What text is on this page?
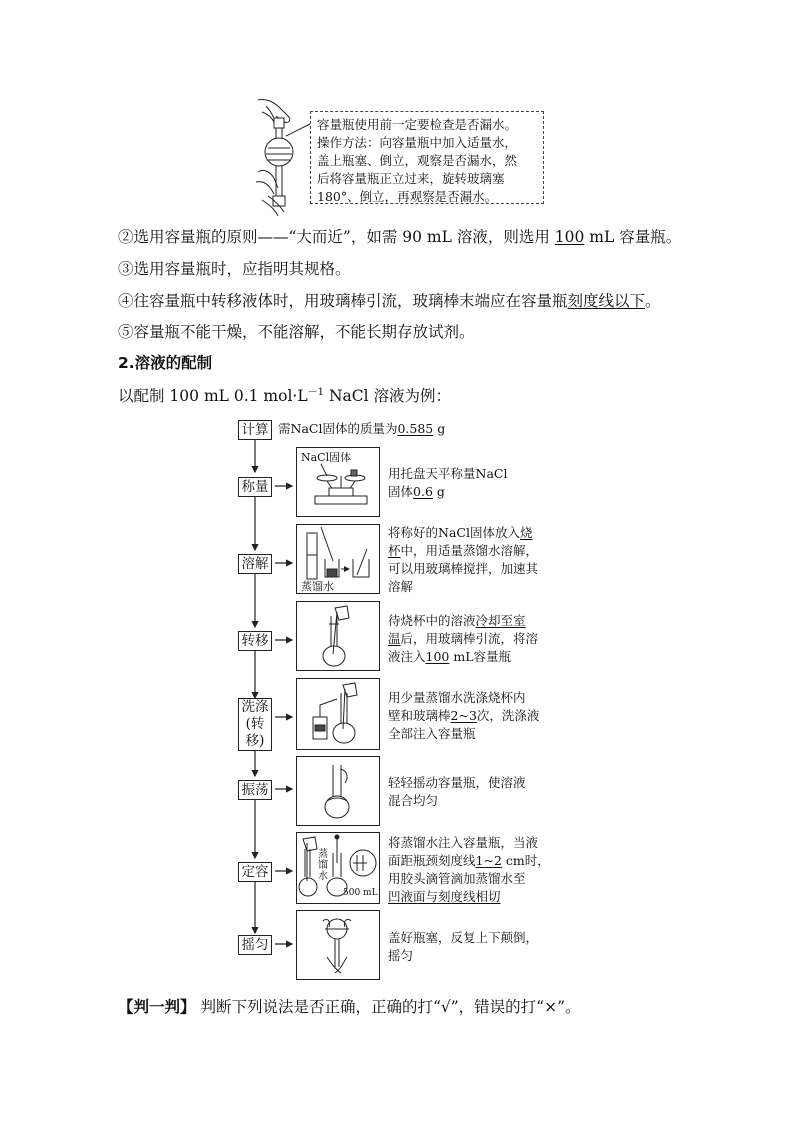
容量瓶使用前一定要检查是否漏水。
操作方法：向容量瓶中加入适量水，
盖上瓶塞、倒立，观察是否漏水，然
后将容量瓶正立过来，旋转玻璃塞
180°、倒立，再观察是否漏水。
②选用容量瓶的原则——“大而近”，如需 90 mL 溶液，则选用 100 mL 容量瓶。
③选用容量瓶时，应指明其规格。
④往容量瓶中转移液体时，用玻璃棒引流，玻璃棒末端应在容量瓶刻度线以下。
⑤容量瓶不能干燥，不能溶解，不能长期存放试剂。
2.溶液的配制
以配制 100 mL 0.1 $mol\cdot L^{-1}$ NaCl 溶液为例：
计算 需NaCl固体的质量为0.585 g
称量
NaCl固体
用托盘天平称量NaCl
固体0.6 g
溶解
蒸馏水
将称好的NaCl固体放入烧
杯中，用适量蒸馏水溶解，
可以用玻璃棒搅拌，加速其
溶解
转移
待烧杯中的溶液冷却至室
温后，用玻璃棒引流，将溶
液注入100 mL容量瓶
洗涤
(转移)
用少量蒸馏水洗涤烧杯内
壁和玻璃棒2~3次，洗涤液
全部注入容量瓶
振荡	轻轻摇动容量瓶，使溶液
混合均匀
定容
蒸馏水
500 mL
将蒸馏水注入容量瓶，当液
面距瓶颈刻度线1~2 cm时，
用胶头滴管滴加蒸馏水至
凹液面与刻度线相切
摇匀	盖好瓶塞，反复上下颠倒，
摇匀
【判一判】 判断下列说法是否正确，正确的打“√”，错误的打“×”。
